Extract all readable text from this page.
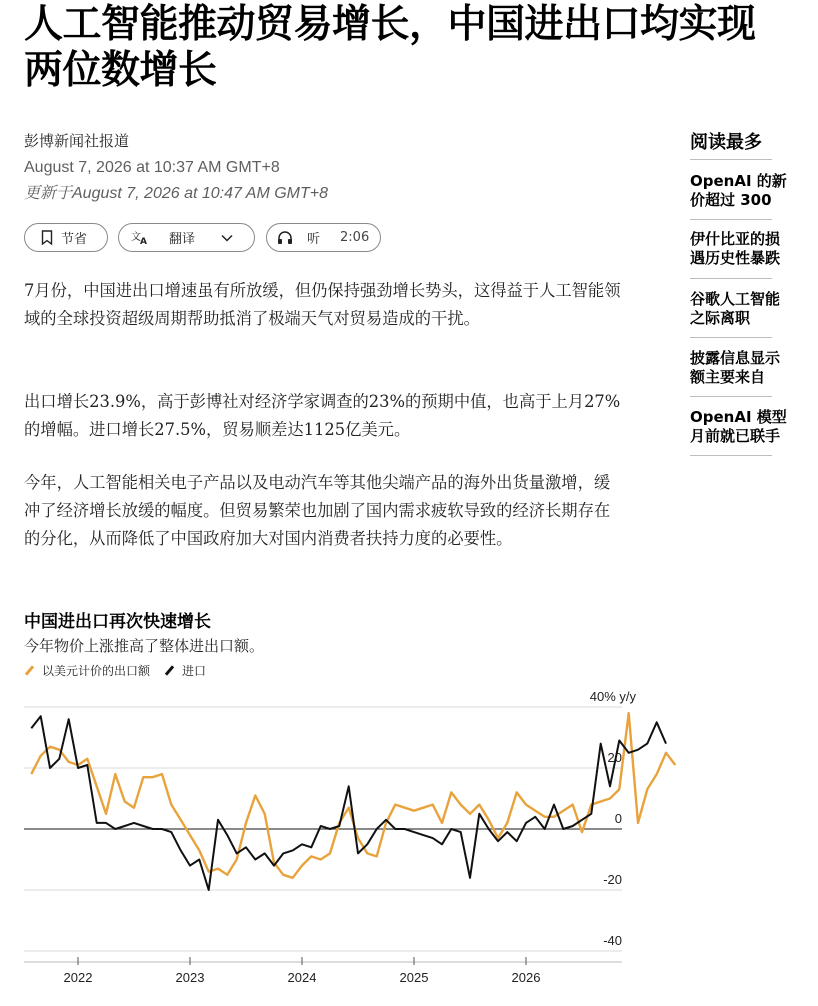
人工智能推动贸易增长，中国进出口均实现两位数增长
彭博新闻社报道
August 7, 2026 at 10:37 AM GMT+8
更新于August 7, 2026 at 10:47 AM GMT+8
节省	文 A 翻译	听 2:06

7月份，中国进出口增速虽有所放缓，但仍保持强劲增长势头，这得益于人工智能领域的全球投资超级周期帮助抵消了极端天气对贸易造成的干扰。

出口增长23.9%，高于彭博社对经济学家调查的23%的预期中值，也高于上月27%的增幅。进口增长27.5%，贸易顺差达1125亿美元。

今年，人工智能相关电子产品以及电动汽车等其他尖端产品的海外出货量激增，缓冲了经济增长放缓的幅度。但贸易繁荣也加剧了国内需求疲软导致的经济长期存在的分化，从而降低了中国政府加大对国内消费者扶持力度的必要性。

中国进出口再次快速增长
今年物价上涨推高了整体进出口额。
以美元计价的出口额	进口
20
0
-20
-40
40% y/y
2022	2023	2024	2025	2026
阅读最多
OpenAI 的新
价超过 300
伊什比亚的损
遇历史性暴跌
谷歌人工智能
之际离职
披露信息显示
额主要来自
OpenAI 模型
月前就已联手
